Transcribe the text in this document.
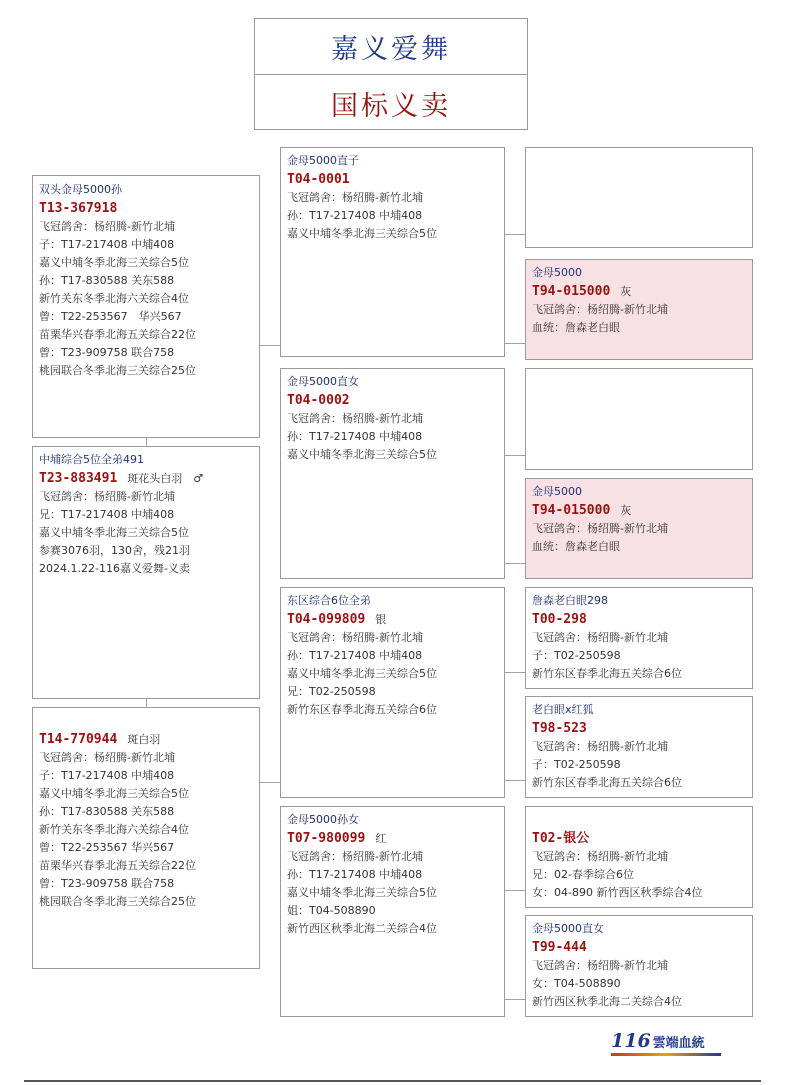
嘉义爱舞
国标义卖
双头金母5000孙
T13-367918
飞冠鸽舍：杨绍腾-新竹北埔
子：T17-217408 中埔408
嘉义中埔冬季北海三关综合5位
孙：T17-830588 关东588
新竹关东冬季北海六关综合4位
曾：T22-253567　华兴567
苗栗华兴春季北海五关综合22位
曾：T23-909758 联合758
桃园联合冬季北海三关综合25位
中埔综合5位全弟491
T23-883491 斑花头白羽　♂
飞冠鸽舍：杨绍腾-新竹北埔
兄：T17-217408 中埔408
嘉义中埔冬季北海三关综合5位
参赛3076羽，130舍，残21羽
2024.1.22-116嘉义爱舞-义卖
T14-770944 斑白羽
飞冠鸽舍：杨绍腾-新竹北埔
子：T17-217408 中埔408
嘉义中埔冬季北海三关综合5位
孙：T17-830588 关东588
新竹关东冬季北海六关综合4位
曾：T22-253567 华兴567
苗栗华兴春季北海五关综合22位
曾：T23-909758 联合758
桃园联合冬季北海三关综合25位
金母5000直子
T04-0001
飞冠鸽舍：杨绍腾-新竹北埔
孙：T17-217408 中埔408
嘉义中埔冬季北海三关综合5位
金母5000直女
T04-0002
飞冠鸽舍：杨绍腾-新竹北埔
孙：T17-217408 中埔408
嘉义中埔冬季北海三关综合5位
东区综合6位全弟
T04-099809 银
飞冠鸽舍：杨绍腾-新竹北埔
孙：T17-217408 中埔408
嘉义中埔冬季北海三关综合5位
兄：T02-250598
新竹东区春季北海五关综合6位
金母5000孙女
T07-980099 红
飞冠鸽舍：杨绍腾-新竹北埔
孙：T17-217408 中埔408
嘉义中埔冬季北海三关综合5位
姐：T04-508890
新竹西区秋季北海二关综合4位
金母5000
T94-015000 灰
飞冠鸽舍：杨绍腾-新竹北埔
血统：詹森老白眼
金母5000
T94-015000 灰
飞冠鸽舍：杨绍腾-新竹北埔
血统：詹森老白眼
詹森老白眼298
T00-298
飞冠鸽舍：杨绍腾-新竹北埔
子：T02-250598
新竹东区春季北海五关综合6位
老白眼x红狐
T98-523
飞冠鸽舍：杨绍腾-新竹北埔
子：T02-250598
新竹东区春季北海五关综合6位
T02-银公
飞冠鸽舍：杨绍腾-新竹北埔
兄：02-春季综合6位
女：04-890 新竹西区秋季综合4位
金母5000直女
T99-444
飞冠鸽舍：杨绍腾-新竹北埔
女：T04-508890
新竹西区秋季北海二关综合4位
116 雲端血統
